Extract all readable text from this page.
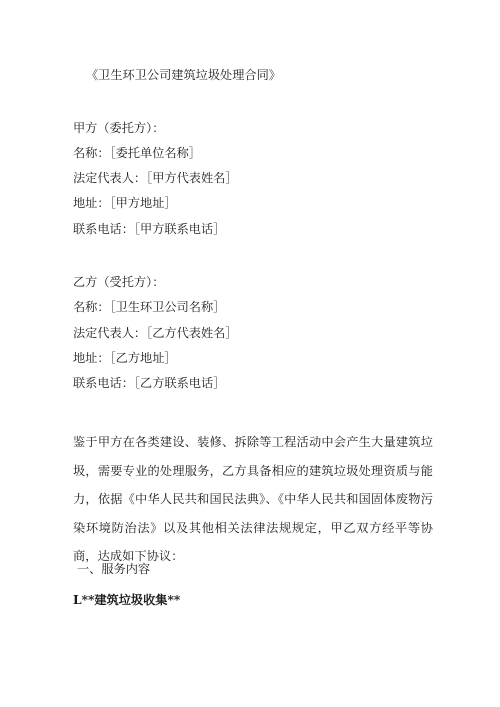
《卫生环卫公司建筑垃圾处理合同》
甲方（委托方）：
名称：［委托单位名称］
法定代表人：［甲方代表姓名］
地址：［甲方地址］
联系电话：［甲方联系电话］
乙方（受托方）：
名称：［卫生环卫公司名称］
法定代表人：［乙方代表姓名］
地址：［乙方地址］
联系电话：［乙方联系电话］
鉴于甲方在各类建设、装修、拆除等工程活动中会产生大量建筑垃圾，需要专业的处理服务，乙方具备相应的建筑垃圾处理资质与能力，依据《中华人民共和国民法典》、《中华人民共和国固体废物污染环境防治法》以及其他相关法律法规规定，甲乙双方经平等协商，达成如下协议：
一、服务内容
L**建筑垃圾收集**
